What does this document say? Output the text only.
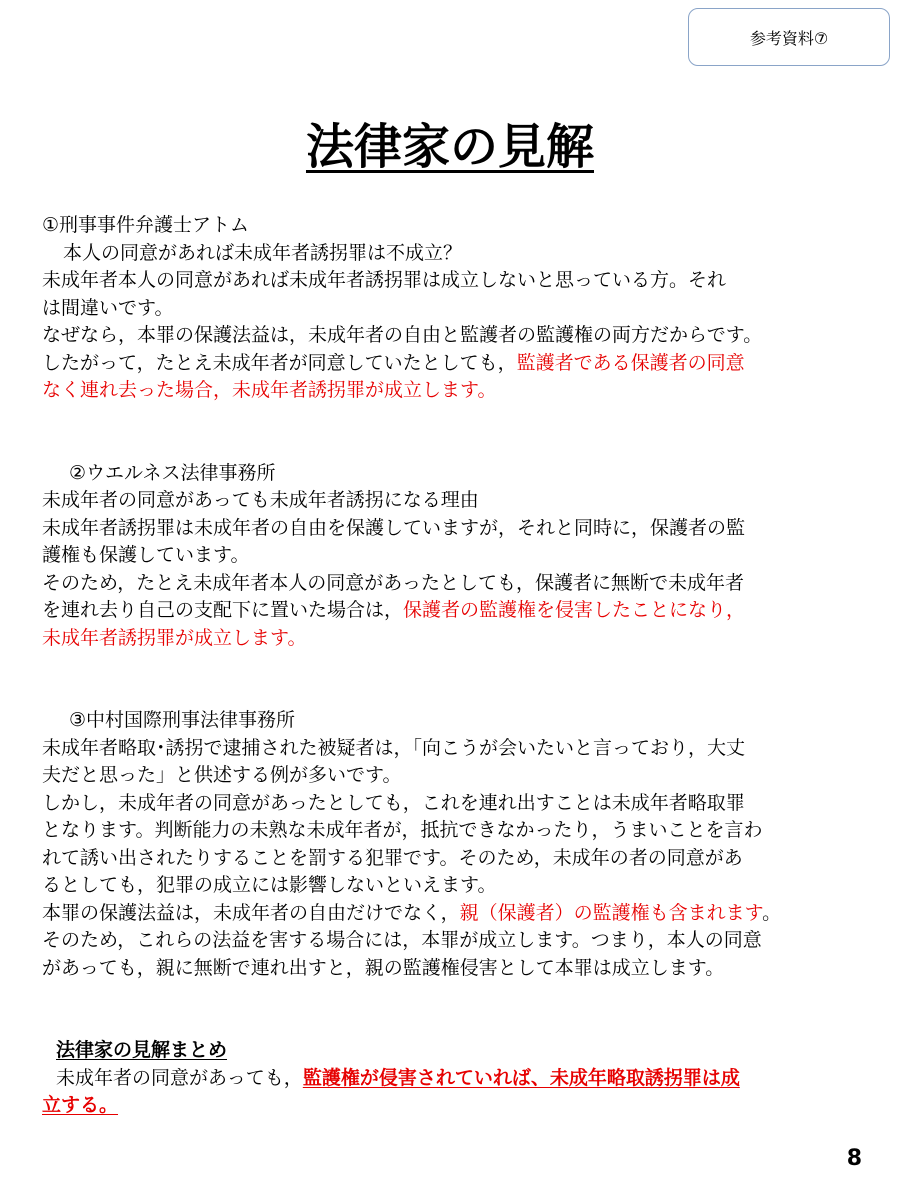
参考資料⑦
法律家の見解
①刑事事件弁護士アトム
本人の同意があれば未成年者誘拐罪は不成立？
未成年者本人の同意があれば未成年者誘拐罪は成立しないと思っている方。それ
は間違いです。
なぜなら，本罪の保護法益は，未成年者の自由と監護者の監護権の両方だからです。
したがって，たとえ未成年者が同意していたとしても，監護者である保護者の同意
なく連れ去った場合，未成年者誘拐罪が成立します。
②ウエルネス法律事務所
未成年者の同意があっても未成年者誘拐になる理由
未成年者誘拐罪は未成年者の自由を保護していますが，それと同時に，保護者の監
護権も保護しています。
そのため，たとえ未成年者本人の同意があったとしても，保護者に無断で未成年者
を連れ去り自己の支配下に置いた場合は，保護者の監護権を侵害したことになり，
未成年者誘拐罪が成立します。
③中村国際刑事法律事務所
未成年者略取･誘拐で逮捕された被疑者は，「向こうが会いたいと言っており，大丈
夫だと思った」と供述する例が多いです。
しかし，未成年者の同意があったとしても，これを連れ出すことは未成年者略取罪
となります。判断能力の未熟な未成年者が，抵抗できなかったり，うまいことを言わ
れて誘い出されたりすることを罰する犯罪です。そのため，未成年の者の同意があ
るとしても，犯罪の成立には影響しないといえます。
本罪の保護法益は，未成年者の自由だけでなく，親（保護者）の監護権も含まれます。
そのため，これらの法益を害する場合には，本罪が成立します。つまり，本人の同意
があっても，親に無断で連れ出すと，親の監護権侵害として本罪は成立します。
法律家の見解まとめ
未成年者の同意があっても，監護権が侵害されていれば、未成年略取誘拐罪は成
立する。
8
